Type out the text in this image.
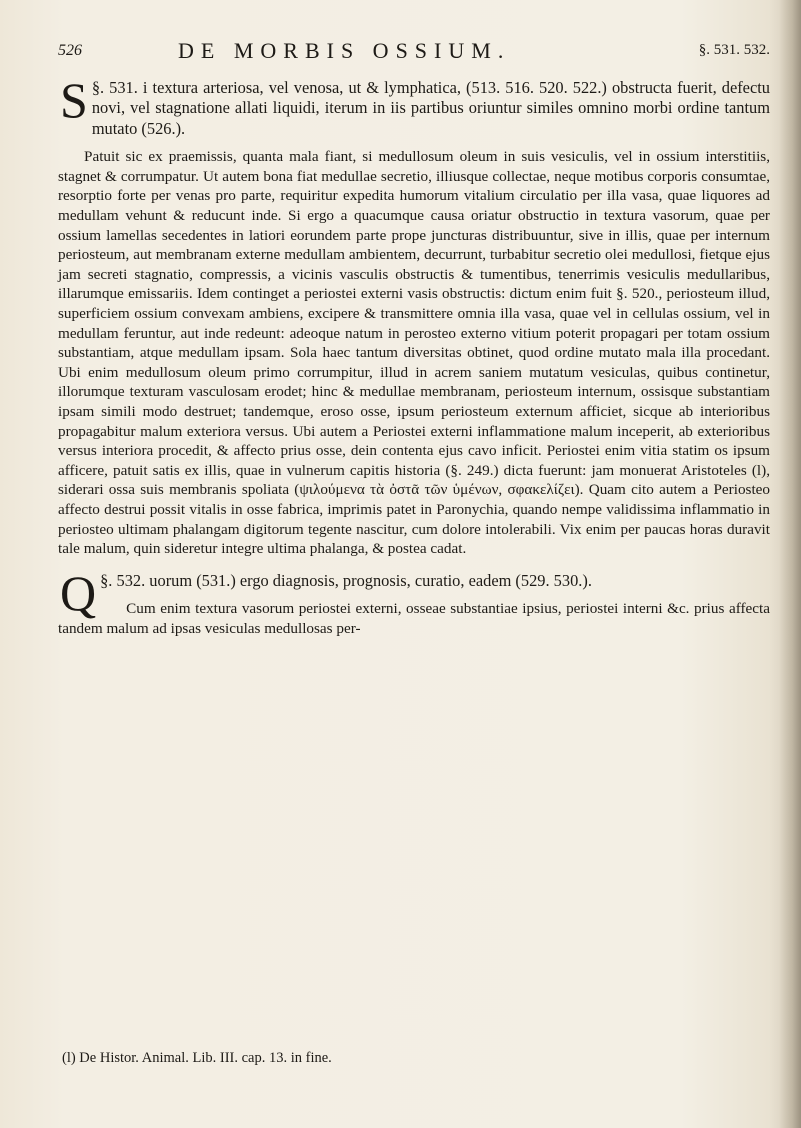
526	DE MORBIS OSSIUM.	§. 531. 532.

§. 531.
S	i textura arteriosa, vel venosa, ut & lymphatica, (513. 516. 520. 522.) obstructa fuerit, defectu novi, vel stagnatione allati liquidi, iterum in iis partibus oriuntur similes omnino morbi ordine tantum mutato (526.).

Patuit sic ex praemissis, quanta mala fiant, si medullosum oleum in suis vesiculis, vel in ossium interstitiis, stagnet & corrumpatur. Ut autem bona fiat medullae secretio, illiusque collectae, neque motibus corporis consumtae, resorptio forte per venas pro parte, requiritur expedita humorum vitalium circulatio per illa vasa, quae liquores ad medullam vehunt & reducunt inde. Si ergo a quacumque causa oriatur obstructio in textura vasorum, quae per ossium lamellas secedentes in latiori eorundem parte prope juncturas distribuuntur, sive in illis, quae per internum periosteum, aut membranam externe medullam ambientem, decurrunt, turbabitur secretio olei medullosi, fietque ejus jam secreti stagnatio, compressis, a vicinis vasculis obstructis & tumentibus, tenerrimis vesiculis medullaribus, illarumque emissariis. Idem continget a periostei externi vasis obstructis: dictum enim fuit §. 520., periosteum illud, superficiem ossium convexam ambiens, excipere & transmittere omnia illa vasa, quae vel in cellulas ossium, vel in medullam feruntur, aut inde redeunt: adeoque natum in perosteo externo vitium poterit propagari per totam ossium substantiam, atque medullam ipsam. Sola haec tantum diversitas obtinet, quod ordine mutato mala illa procedant. Ubi enim medullosum oleum primo corrumpitur, illud in acrem saniem mutatum vesiculas, quibus continetur, illorumque texturam vasculosam erodet; hinc & medullae membranam, periosteum internum, ossisque substantiam ipsam simili modo destruet; tandemque, eroso osse, ipsum periosteum externum afficiet, sicque ab interioribus propagabitur malum exteriora versus. Ubi autem a Periostei externi inflammatione malum inceperit, ab exterioribus versus interiora procedit, & affecto prius osse, dein contenta ejus cavo inficit. Periostei enim vitia statim os ipsum afficere, patuit satis ex illis, quae in vulnerum capitis historia (§. 249.) dicta fuerunt: jam monuerat Aristoteles (l), siderari ossa suis membranis spoliata (ψιλούμενα τὰ ὀστᾶ τῶν ὑμένων, σφακελίζει). Quam cito autem a Periosteo affecto destrui possit vitalis in osse fabrica, imprimis patet in Paronychia, quando nempe validissima inflammatio in periosteo ultimam phalangam digitorum tegente nascitur, cum dolore intolerabili. Vix enim per paucas horas duravit tale malum, quin sideretur integre ultima phalanga, & postea cadat.

§. 532.
Q	uorum (531.) ergo diagnosis, prognosis, curatio, eadem (529. 530.).

Cum enim textura vasorum periostei externi, osseae substantiae ipsius, periostei interni &c. prius affecta tandem malum ad ipsas vesiculas medullosas per-

(l) De Histor. Animal. Lib. III. cap. 13. in fine.
